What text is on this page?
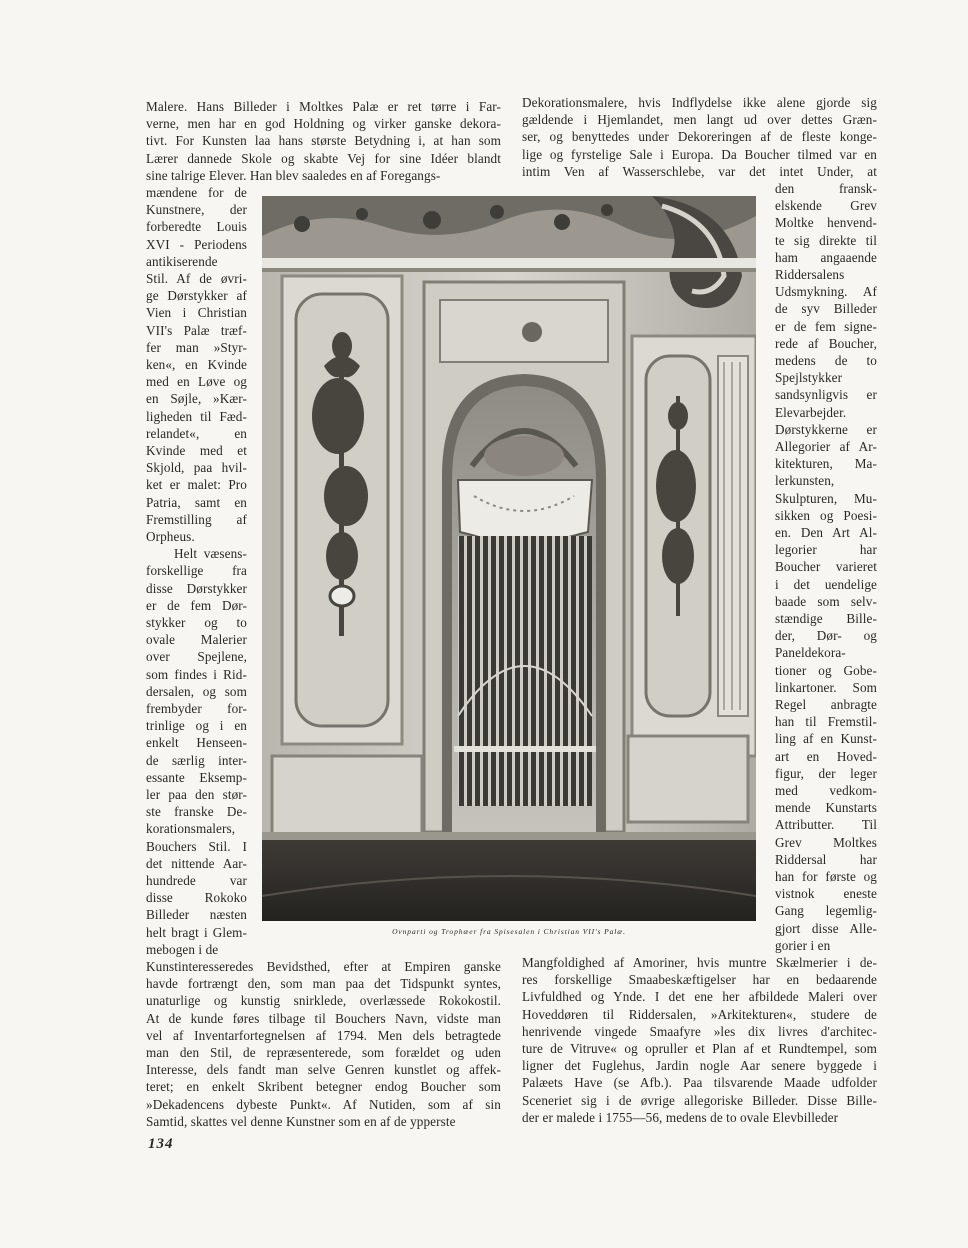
Malere. Hans Billeder i Moltkes Palæ er ret tørre i Far-
verne, men har en god Holdning og virker ganske dekora-
tivt. For Kunsten laa hans største Betydning i, at han som
Lærer dannede Skole og skabte Vej for sine Idéer blandt
sine talrige Elever. Han blev saaledes en af Foregangs-
mændene for de
Kunstnere, der
forberedte Louis
XVI - Periodens
antikiserende
Stil. Af de øvri-
ge Dørstykker af
Vien i Christian
VII's Palæ træf-
fer man »Styr-
ken«, en Kvinde
med en Løve og
en Søjle, »Kær-
ligheden til Fæd-
relandet«, en
Kvinde med et
Skjold, paa hvil-
ket er malet: Pro
Patria, samt en
Fremstilling af
Orpheus.
Helt væsens-
forskellige fra
disse Dørstykker
er de fem Dør-
stykker og to
ovale Malerier
over Spejlene,
som findes i Rid-
dersalen, og som
frembyder for-
trinlige og i en
enkelt Henseen-
de særlig inter-
essante Eksemp-
ler paa den stør-
ste franske De-
korationsmalers,
Bouchers Stil. I
det nittende Aar-
hundrede var
disse Rokoko
Billeder næsten
helt bragt i Glem-
mebogen i de
Kunstinteresseredes Bevidsthed, efter at Empiren ganske
havde fortrængt den, som man paa det Tidspunkt syntes,
unaturlige og kunstig snirklede, overlæssede Rokokostil.
At de kunde føres tilbage til Bouchers Navn, vidste man
vel af Inventarfortegnelsen af 1794. Men dels betragtede
man den Stil, de repræsenterede, som forældet og uden
Interesse, dels fandt man selve Genren kunstlet og affek-
teret; en enkelt Skribent betegner endog Boucher som
»Dekadencens dybeste Punkt«. Af Nutiden, som af sin
Samtid, skattes vel denne Kunstner som en af de ypperste
Dekorationsmalere, hvis Indflydelse ikke alene gjorde sig
gældende i Hjemlandet, men langt ud over dettes Græn-
ser, og benyttedes under Dekoreringen af de fleste konge-
lige og fyrstelige Sale i Europa. Da Boucher tilmed var en
intim Ven af Wasserschlebe, var det intet Under, at
den fransk-
elskende Grev
Moltke henvend-
te sig direkte til
ham angaaende
Riddersalens
Udsmykning. Af
de syv Billeder
er de fem signe-
rede af Boucher,
medens de to
Spejlstykker
sandsynligvis er
Elevarbejder.
Dørstykkerne er
Allegorier af Ar-
kitekturen, Ma-
lerkunsten,
Skulpturen, Mu-
sikken og Poesi-
en. Den Art Al-
legorier har
Boucher varieret
i det uendelige
baade som selv-
stændige Bille-
der, Dør- og
Paneldekora-
tioner og Gobe-
linkartoner. Som
Regel anbragte
han til Fremstil-
ling af en Kunst-
art en Hoved-
figur, der leger
med vedkom-
mende Kunstarts
Attributter. Til
Grev Moltkes
Riddersal har
han for første og
vistnok eneste
Gang legemlig-
gjort disse Alle-
gorier i en
Mangfoldighed af Amoriner, hvis muntre Skælmerier i de-
res forskellige Smaabeskæftigelser har en bedaarende
Livfuldhed og Ynde. I det ene her afbildede Maleri over
Hoveddøren til Riddersalen, »Arkitekturen«, studere de
henrivende vingede Smaafyre »les dix livres d'architec-
ture de Vitruve« og opruller et Plan af et Rundtempel, som
ligner det Fuglehus, Jardin nogle Aar senere byggede i
Palæets Have (se Afb.). Paa tilsvarende Maade udfolder
Sceneriet sig i de øvrige allegoriske Billeder. Disse Bille-
der er malede i 1755—56, medens de to ovale Elevbilleder
Ovnparti og Trophæer fra Spisesalen i Christian VII's Palæ.
134
